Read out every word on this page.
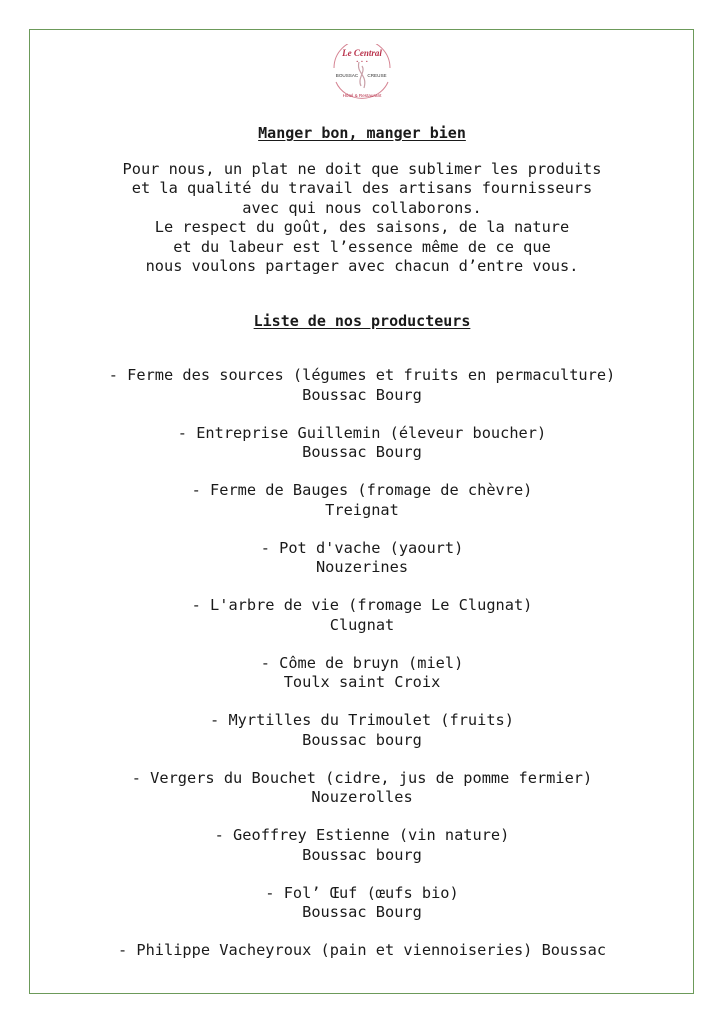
Le Central
• • •
BOUSSAC CREUSE
Hôtel & Restaurant
Manger bon, manger bien
Pour nous, un plat ne doit que sublimer les produits
et la qualité du travail des artisans fournisseurs
avec qui nous collaborons.
Le respect du goût, des saisons, de la nature
et du labeur est l’essence même de ce que
nous voulons partager avec chacun d’entre vous.
Liste de nos producteurs
- Ferme des sources (légumes et fruits en permaculture)
Boussac Bourg
- Entreprise Guillemin (éleveur boucher)
Boussac Bourg
- Ferme de Bauges (fromage de chèvre)
Treignat
- Pot d'vache (yaourt)
Nouzerines
- L'arbre de vie (fromage Le Clugnat)
Clugnat
- Côme de bruyn (miel)
Toulx saint Croix
- Myrtilles du Trimoulet (fruits)
Boussac bourg
- Vergers du Bouchet (cidre, jus de pomme fermier)
Nouzerolles
- Geoffrey Estienne (vin nature)
Boussac bourg
- Fol’ Œuf (œufs bio)
Boussac Bourg
- Philippe Vacheyroux (pain et viennoiseries) Boussac
